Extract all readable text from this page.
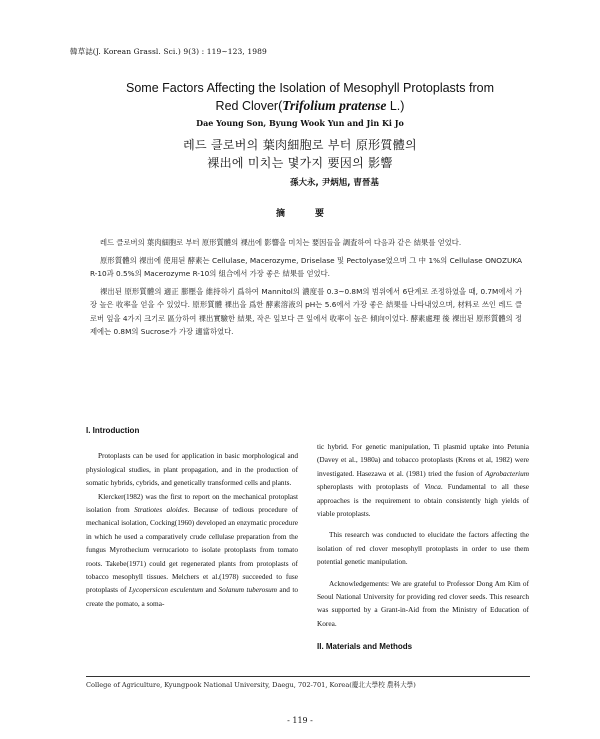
韓草誌(J. Korean Grassl. Sci.) 9(3) : 119~123, 1989
Some Factors Affecting the Isolation of Mesophyll Protoplasts from
Red Clover(Trifolium pratense L.)
Dae Young Son, Byung Wook Yun and Jin Ki Jo
레드 클로버의 葉肉細胞로 부터 原形質體의
裸出에 미치는 몇가지 要因의 影響
孫大永, 尹炳旭, 曺晉基
摘要

레드 클로버의 葉肉細胞로 부터 原形質體의 裸出에 影響을 미치는 要因들을 調査하여 다음과 같은 結果를 얻었다.

原形質體의 裸出에 使用된 酵素는 Cellulase, Macerozyme, Driselase 및 Pectolyase였으며 그 中 1%의 Cellulase ONOZUKA R-10과 0.5%의 Macerozyme R-10의 組合에서 가장 좋은 結果를 얻었다.

裸出된 原形質體의 適正 膨壓을 維持하기 爲하여 Mannitol의 濃度를 0.3~0.8M의 범위에서 6단계로 조정하였을 때, 0.7M에서 가장 높은 收率을 얻을 수 있었다. 原形質體 裸出을 爲한 酵素溶液의 pH는 5.6에서 가장 좋은 結果를 나타내었으며, 材料로 쓰인 레드 클로버 잎을 4가지 크기로 區分하여 裸出實驗한 結果, 작은 잎보다 큰 잎에서 收率이 높은 傾向이었다. 酵素處理 後 裸出된 原形質體의 정제에는 0.8M의 Sucrose가 가장 適當하였다.

I. Introduction

Protoplasts can be used for application in basic morphological and physiological studies, in plant propagation, and in the production of somatic hybrids, cybrids, and genetically transformed cells and plants.

Klercker(1982) was the first to report on the mechanical protoplast isolation from Stratiotes aloides. Because of tedious procedure of mechanical isolation, Cocking(1960) developed an enzymatic procedure in which he used a comparatively crude cellulase preparation from the fungus Myrothecium verrucarioto to isolate protoplasts from tomato roots. Takebe(1971) could get regenerated plants from protoplasts of tobacco mesophyll tissues. Melchers et al.(1978) succeeded to fuse protoplasts of Lycopersicon esculentum and Solanum tuberosum and to create the pomato, a soma-

tic hybrid. For genetic manipulation, Ti plasmid uptake into Petunia (Davey et al., 1980a) and tobacco protoplasts (Krens et al, 1982) were investigated. Hasezawa et al. (1981) tried the fusion of Agrobacterium spheroplasts with protoplasts of Vinca. Fundamental to all these approaches is the requirement to obtain consistently high yields of viable protoplasts.

This research was conducted to elucidate the factors affecting the isolation of red clover mesophyll protoplasts in order to use them potential genetic manipulation.

Acknowledgements: We are grateful to Professor Dong Am Kim of Seoul National University for providing red clover seeds. This research was supported by a Grant-in-Aid from the Ministry of Education of Korea.

II. Materials and Methods

College of Agriculture, Kyungpook National University, Daegu, 702-701, Korea(慶北大學校 農科大學)
- 119 -
